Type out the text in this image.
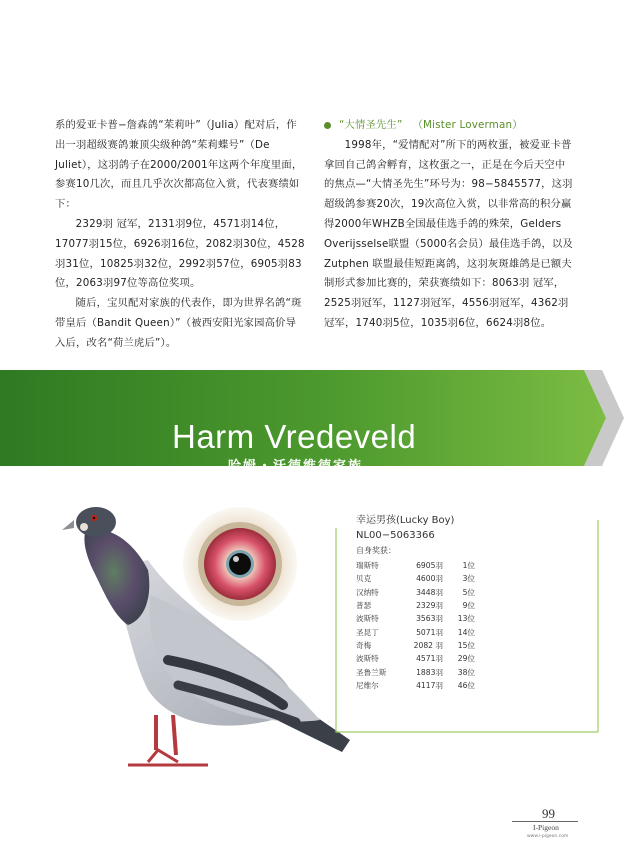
系的爱亚卡普−詹森鸽“茱莉叶”（Julia）配对后，作出一羽超级赛鸽兼顶尖级种鸽“茱莉蝶号”（De Juliet），这羽鸽子在2000/2001年这两个年度里面，参赛10几次，而且几乎次次都高位入赏，代表赛绩如下：

2329羽 冠军，2131羽9位，4571羽14位，17077羽15位，6926羽16位，2082羽30位，4528羽31位，10825羽32位，2992羽57位，6905羽83位，2063羽97位等高位奖项。

随后，宝贝配对家族的代表作，即为世界名鸽“斑带皇后（Bandit Queen）”（被西安阳光家园高价导入后，改名“荷兰虎后”）。

“大情圣先生” （Mister Loverman）

1998年，“爱情配对”所下的两枚蛋，被爱亚卡普拿回自己鸽舍孵育，这枚蛋之一，正是在今后天空中的焦点—“大情圣先生”环号为：98−5845577，这羽超级鸽参赛20次，19次高位入赏，以非常高的积分赢得2000年WHZB全国最佳选手鸽的殊荣，Gelders Overijsselse联盟（5000名会员）最佳选手鸽，以及Zutphen 联盟最佳短距离鸽，这羽灰斑雄鸽是已额夫制形式参加比赛的，荣获赛绩如下：8063羽 冠军，2525羽冠军，1127羽冠军，4556羽冠军，4362羽冠军，1740羽5位，1035羽6位，6624羽8位。

Harm Vredeveld
哈姆・沃德维德家族
幸运男孩(Lucky Boy)
NL00−5063366
自身奖获：
瑞斯特	6905羽	1位
贝克	4600羽	3位
汉纳特	3448羽	5位
普瑟	2329羽	9位
波斯特	3563羽	13位
圣昆丁	5071羽	14位
奇梅	2082 羽	15位
波斯特	4571羽	29位
圣鲁兰斯	1883羽	38位
尼维尔	4117羽	46位
99
I-Pigeon
www.i-pigeon.com
